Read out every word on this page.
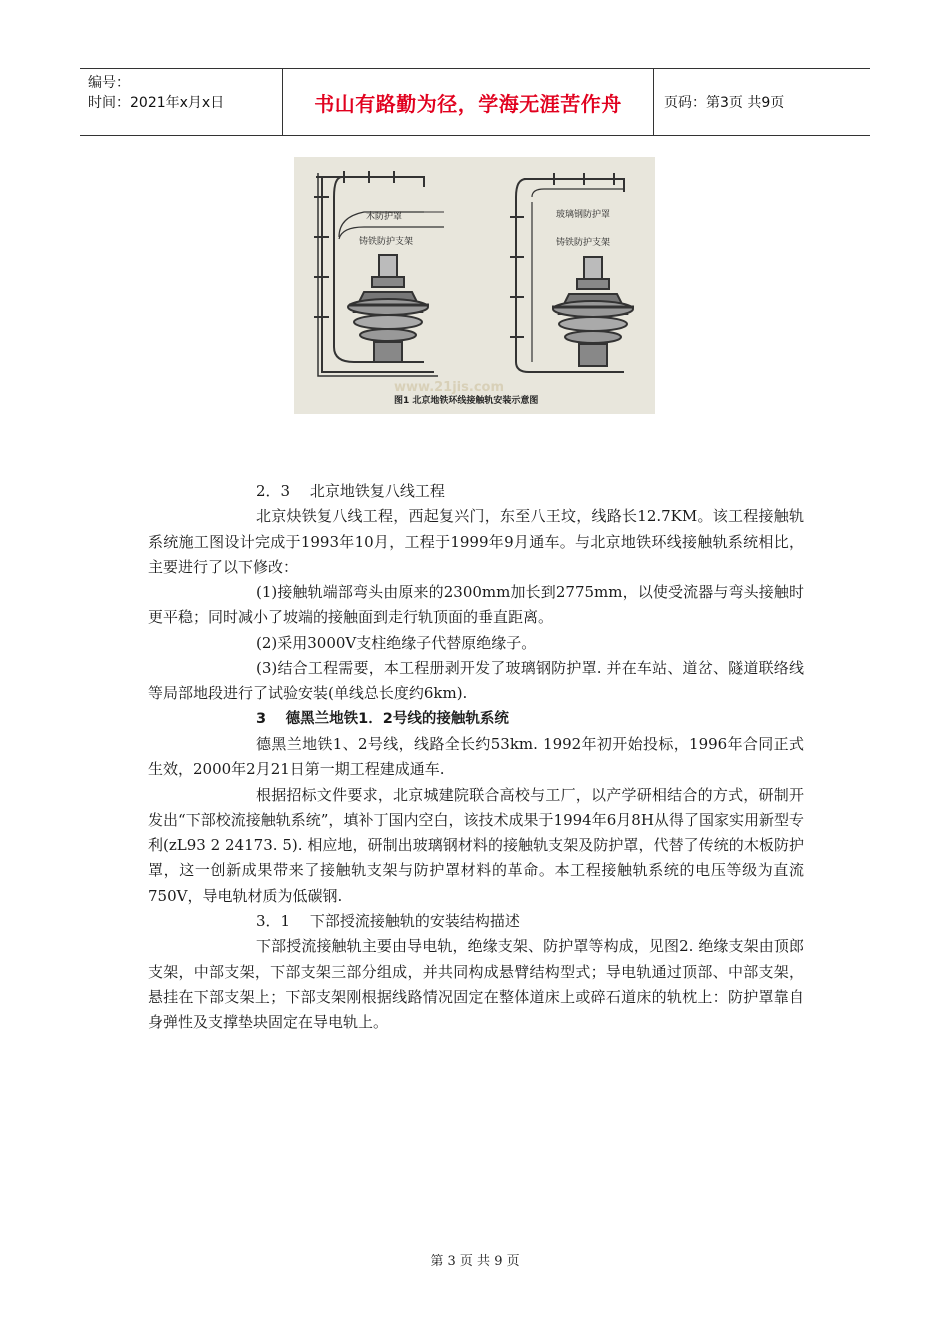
编号：
时间：2021年x月x日	书山有路勤为径，学海无涯苦作舟	页码：第3页 共9页
木防护罩
铸铁防护支架
玻璃钢防护罩
铸铁防护支架
www.21jis.com
图1 北京地铁环线接触轨安装示意图

2．3　 北京地铁复八线工程

北京炔铁复八线工程，西起复兴门，东至八王坟，线路长12.7KM。该工程接触轨系统施工图设计完成于1993年10月，工程于1999年9月通车。与北京地铁环线接触轨系统相比，主要进行了以下修改：

(1)接触轨端部弯头由原来的2300mm加长到2775mm，以使受流器与弯头接触时更平稳；同时减小了坡端的接触面到走行轨顶面的垂直距离。

(2)采用3000V支柱绝缘子代替原绝缘子。

(3)结合工程需要，本工程册剥开发了玻璃钢防护罩. 并在车站、道岔、隧道联络线等局部地段进行了试验安装(单线总长度约6km).

3　 德黑兰地铁1．2号线的接触轨系统

德黑兰地铁1、2号线，线路全长约53km. 1992年初开始投标，1996年合同正式生效，2000年2月21日第一期工程建成通车.

根据招标文件要求，北京城建院联合高校与工厂，以产学研相结合的方式，研制开发出“下部校流接触轨系统”，填补丁国内空白，该技术成果于1994年6月8H从得了国家实用新型专利(zL93 2 24173. 5). 相应地，研制出玻璃钢材料的接触轨支架及防护罩，代替了传统的木板防护罩，这一创新成果带来了接触轨支架与防护罩材料的革命。本工程接触轨系统的电压等级为直流750V，导电轨材质为低碳钢.

3．1　 下部授流接触轨的安装结构描述

下部授流接触轨主要由导电轨，绝缘支架、防护罩等构成，见图2. 绝缘支架由顶郎支架，中部支架，下部支架三部分组成，并共同构成悬臂结构型式；导电轨通过顶部、中部支架，悬挂在下部支架上；下部支架刚根据线路情况固定在整体道床上或碎石道床的轨枕上：防护罩靠自身弹性及支撑垫块固定在导电轨上。

第 3 页 共 9 页
